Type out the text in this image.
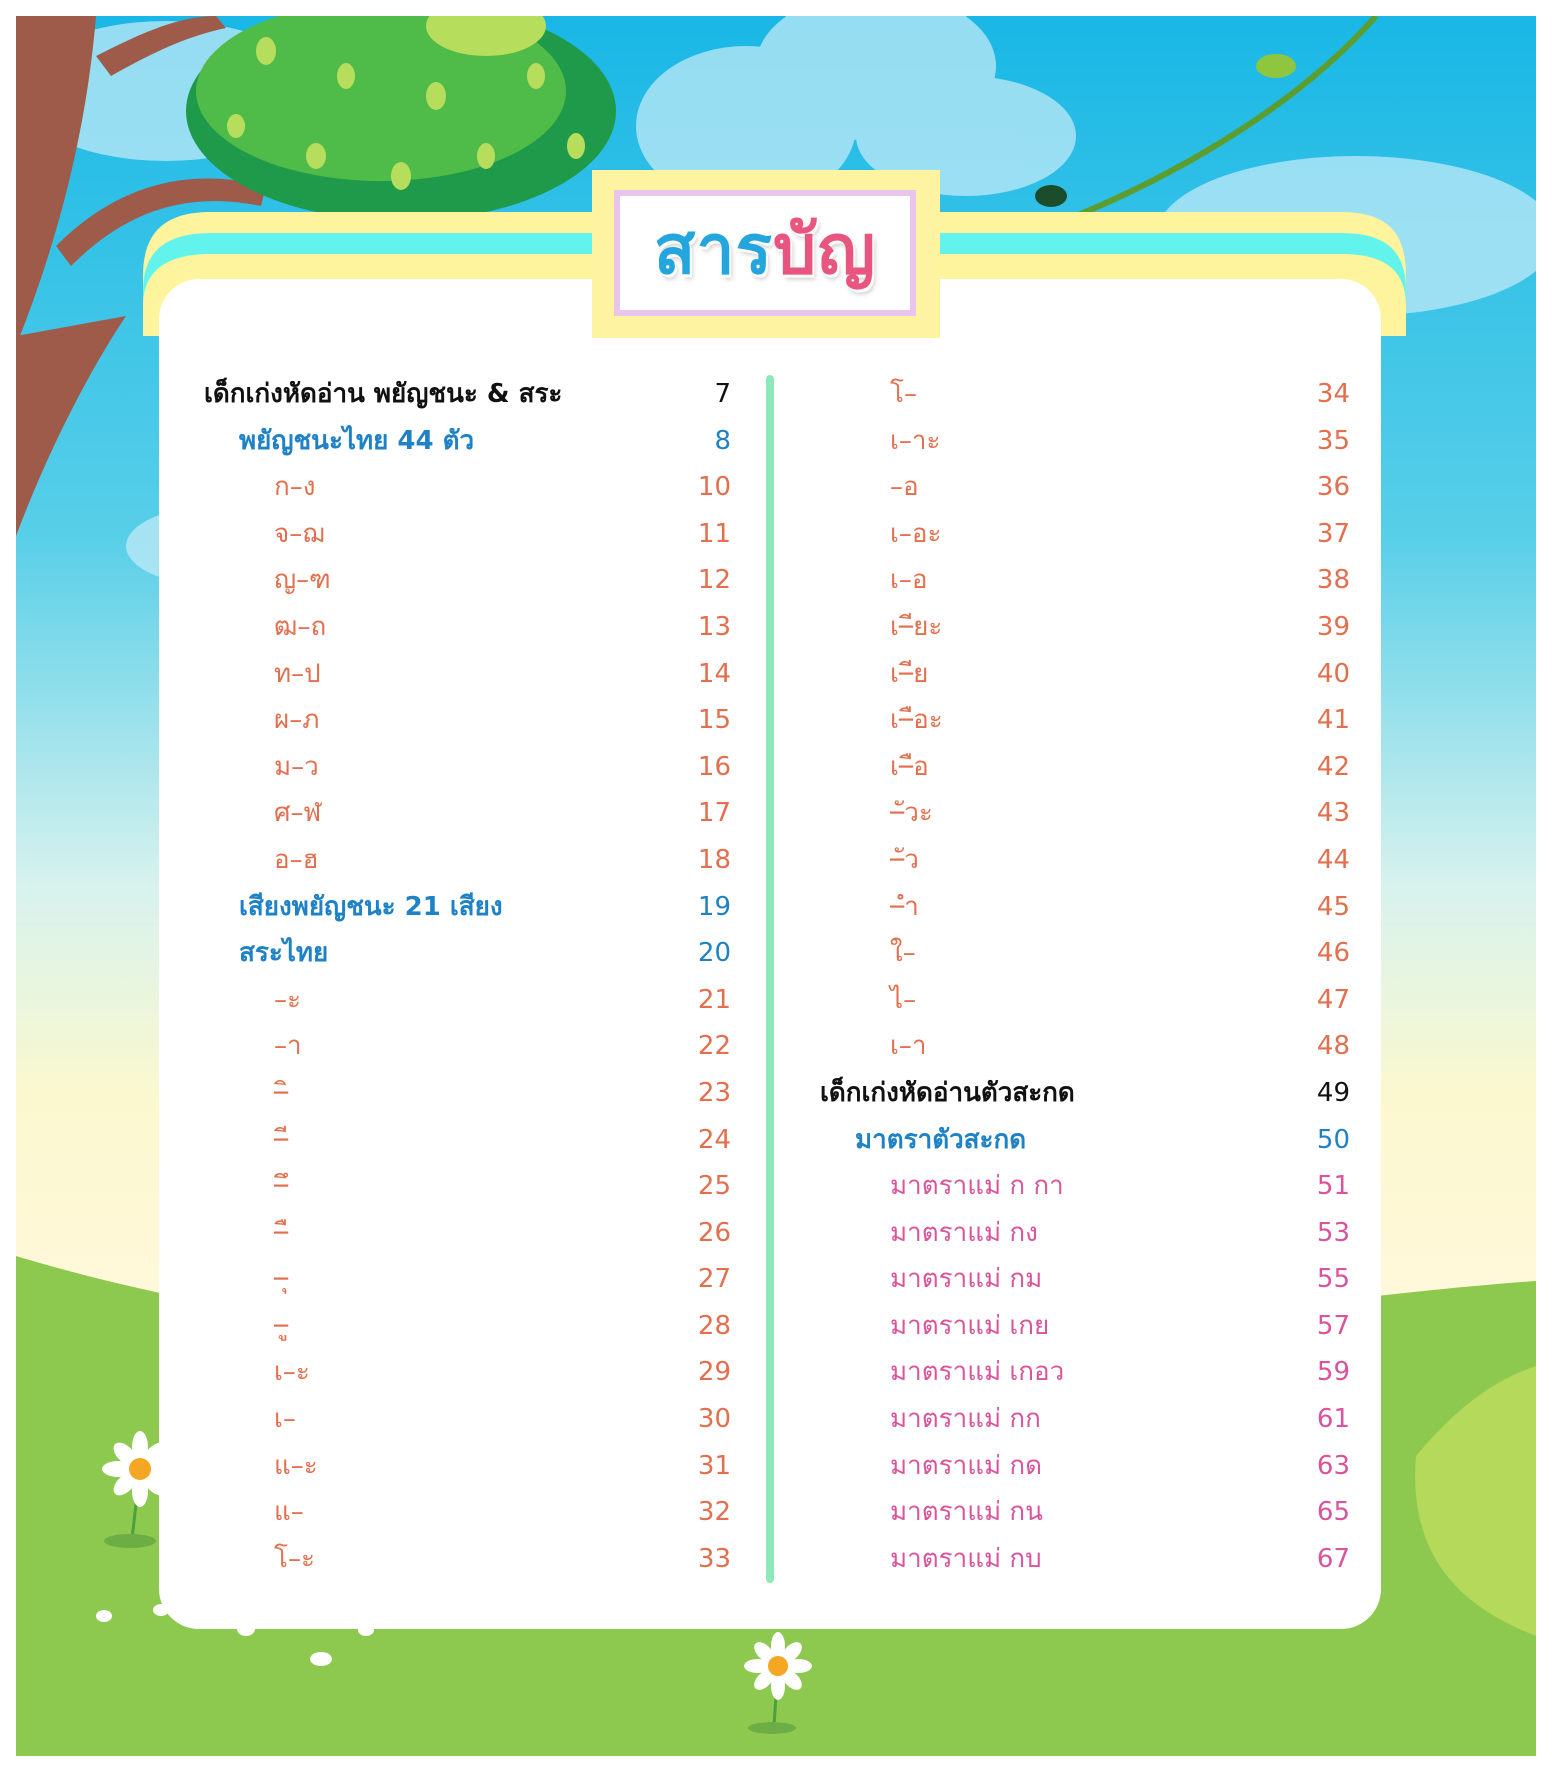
สารบัญ
เด็กเก่งหัดอ่าน พยัญชนะ & สระ	7
พยัญชนะไทย 44 ตัว	8
ก–ง	10
จ–ฌ	11
ญ–ฑ	12
ฒ–ถ	13
ท–ป	14
ผ–ภ	15
ม–ว	16
ศ–ฬ	17
อ–ฮ	18
เสียงพยัญชนะ 21 เสียง	19
สระไทย	20
–ะ	21
–า	22
–ิ	23
–ี	24
–ึ	25
–ื	26
–ุ	27
–ู	28
เ–ะ	29
เ–	30
แ–ะ	31
แ–	32
โ–ะ	33
โ–	34
เ–าะ	35
–อ	36
เ–อะ	37
เ–อ	38
เ–ียะ	39
เ–ีย	40
เ–ือะ	41
เ–ือ	42
–ัวะ	43
–ัว	44
–ำ	45
ใ–	46
ไ–	47
เ–า	48
เด็กเก่งหัดอ่านตัวสะกด	49
มาตราตัวสะกด	50
มาตราแม่ ก กา	51
มาตราแม่ กง	53
มาตราแม่ กม	55
มาตราแม่ เกย	57
มาตราแม่ เกอว	59
มาตราแม่ กก	61
มาตราแม่ กด	63
มาตราแม่ กน	65
มาตราแม่ กบ	67
